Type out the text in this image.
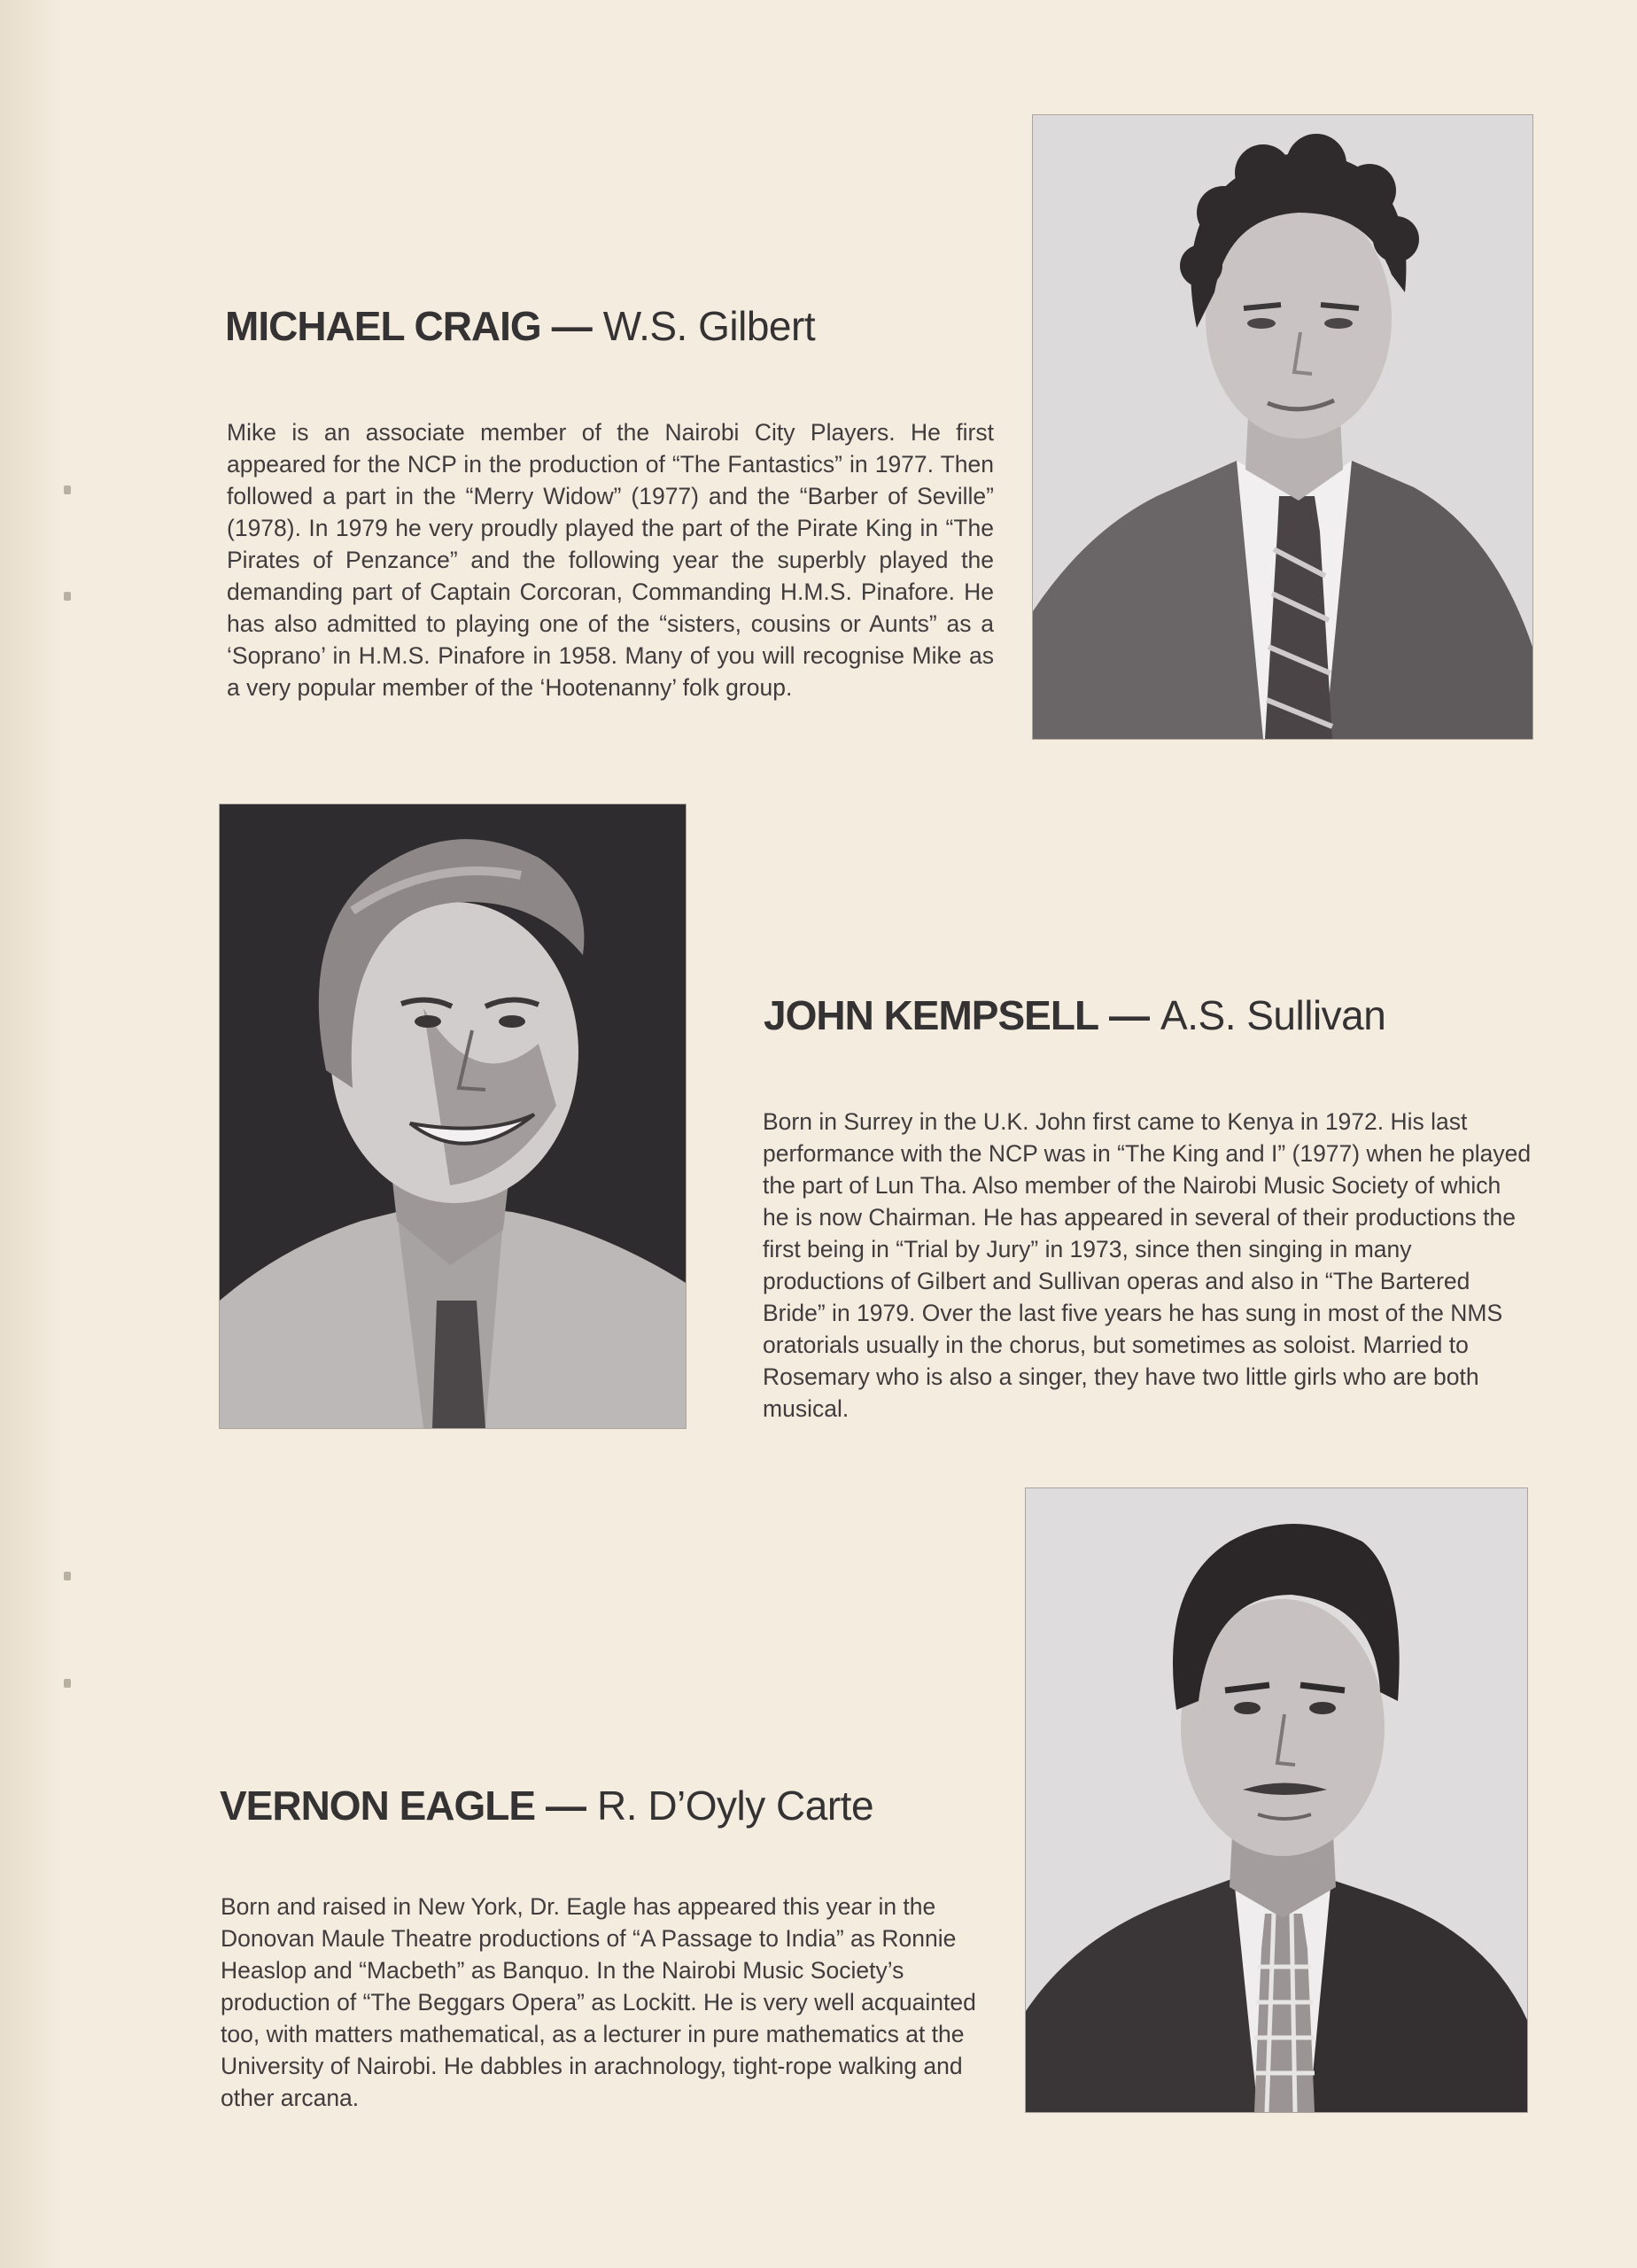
MICHAEL CRAIG — W.S. Gilbert

Mike is an associate member of the Nairobi City Players. He first appeared for the NCP in the production of “The Fantastics” in 1977. Then followed a part in the “Merry Widow” (1977) and the “Barber of Seville” (1978). In 1979 he very proudly played the part of the Pirate King in “The Pirates of Penzance” and the following year the superbly played the demanding part of Captain Corcoran, Commanding H.M.S. Pinafore. He has also admitted to playing one of the “sisters, cousins or Aunts” as a ‘Soprano’ in H.M.S. Pinafore in 1958. Many of you will recognise Mike as a very popular member of the ‘Hootenanny’ folk group.

JOHN KEMPSELL — A.S. Sullivan

Born in Surrey in the U.K. John first came to Kenya in 1972. His last performance with the NCP was in “The King and I” (1977) when he played the part of Lun Tha. Also member of the Nairobi Music Society of which he is now Chairman. He has appeared in several of their productions the first being in “Trial by Jury” in 1973, since then singing in many productions of Gilbert and Sullivan operas and also in “The Bartered Bride” in 1979. Over the last five years he has sung in most of the NMS oratorials usually in the chorus, but sometimes as soloist. Married to Rosemary who is also a singer, they have two little girls who are both musical.

VERNON EAGLE — R. D’Oyly Carte

Born and raised in New York, Dr. Eagle has appeared this year in the Donovan Maule Theatre productions of “A Passage to India” as Ronnie Heaslop and “Macbeth” as Banquo. In the Nairobi Music Society’s production of “The Beggars Opera” as Lockitt. He is very well acquainted too, with matters mathematical, as a lecturer in pure mathematics at the University of Nairobi. He dabbles in arachnology, tight-rope walking and other arcana.
